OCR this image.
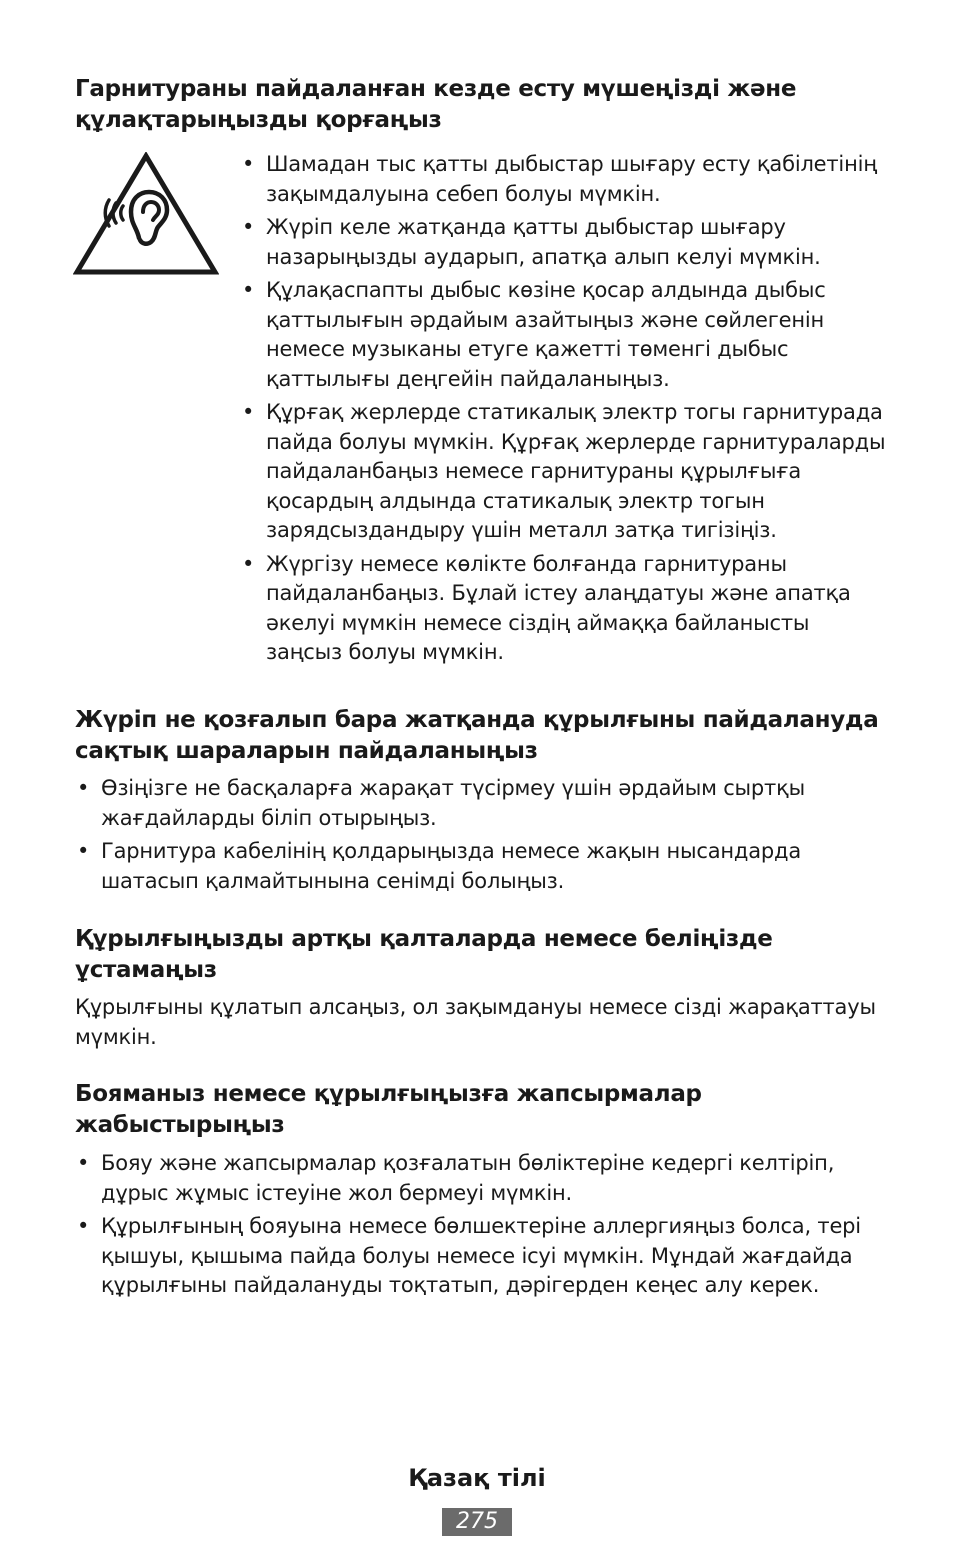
Гарнитураны пайдаланған кезде есту мүшеңізді және құлақтарыңызды қорғаңыз
• Шамадан тыс қатты дыбыстар шығару есту қабілетінің зақымдалуына себеп болуы мүмкін.
• Жүріп келе жатқанда қатты дыбыстар шығару назарыңызды аударып, апатқа алып келуі мүмкін.
• Құлақаспапты дыбыс көзіне қосар алдында дыбыс қаттылығын әрдайым азайтыңыз және сөйлегенін немесе музыканы етуге қажетті төменгі дыбыс қаттылығы деңгейін пайдаланыңыз.
• Құрғақ жерлерде статикалық электр тогы гарнитурада пайда болуы мүмкін. Құрғақ жерлерде гарнитураларды пайдаланбаңыз немесе гарнитураны құрылғыға қосардың алдында статикалық электр тогын зарядсыздандыру үшін металл затқа тигізіңіз.
• Жүргізу немесе көлікте болғанда гарнитураны пайдаланбаңыз. Бұлай істеу алаңдатуы және апатқа әкелуі мүмкін немесе сіздің аймаққа байланысты заңсыз болуы мүмкін.
Жүріп не қозғалып бара жатқанда құрылғыны пайдалануда сақтық шараларын пайдаланыңыз
• Өзіңізге не басқаларға жарақат түсірмеу үшін әрдайым сыртқы жағдайларды біліп отырыңыз.
• Гарнитура кабелінің қолдарыңызда немесе жақын нысандарда шатасып қалмайтынына сенімді болыңыз.
Құрылғыңызды артқы қалталарда немесе беліңізде ұстамаңыз

Құрылғыны құлатып алсаңыз, ол зақымдануы немесе сізді жарақаттауы мүмкін.

Бояманыз немесе құрылғыңызға жапсырмалар жабыстырыңыз
• Бояу және жапсырмалар қозғалатын бөліктеріне кедергі келтіріп, дұрыс жұмыс істеуіне жол бермеуі мүмкін.
• Құрылғының бояуына немесе бөлшектеріне аллергияңыз болса, тері қышуы, қышыма пайда болуы немесе ісуі мүмкін. Мұндай жағдайда құрылғыны пайдалануды тоқтатып, дәрігерден кеңес алу керек.
Қазақ тілі
275
